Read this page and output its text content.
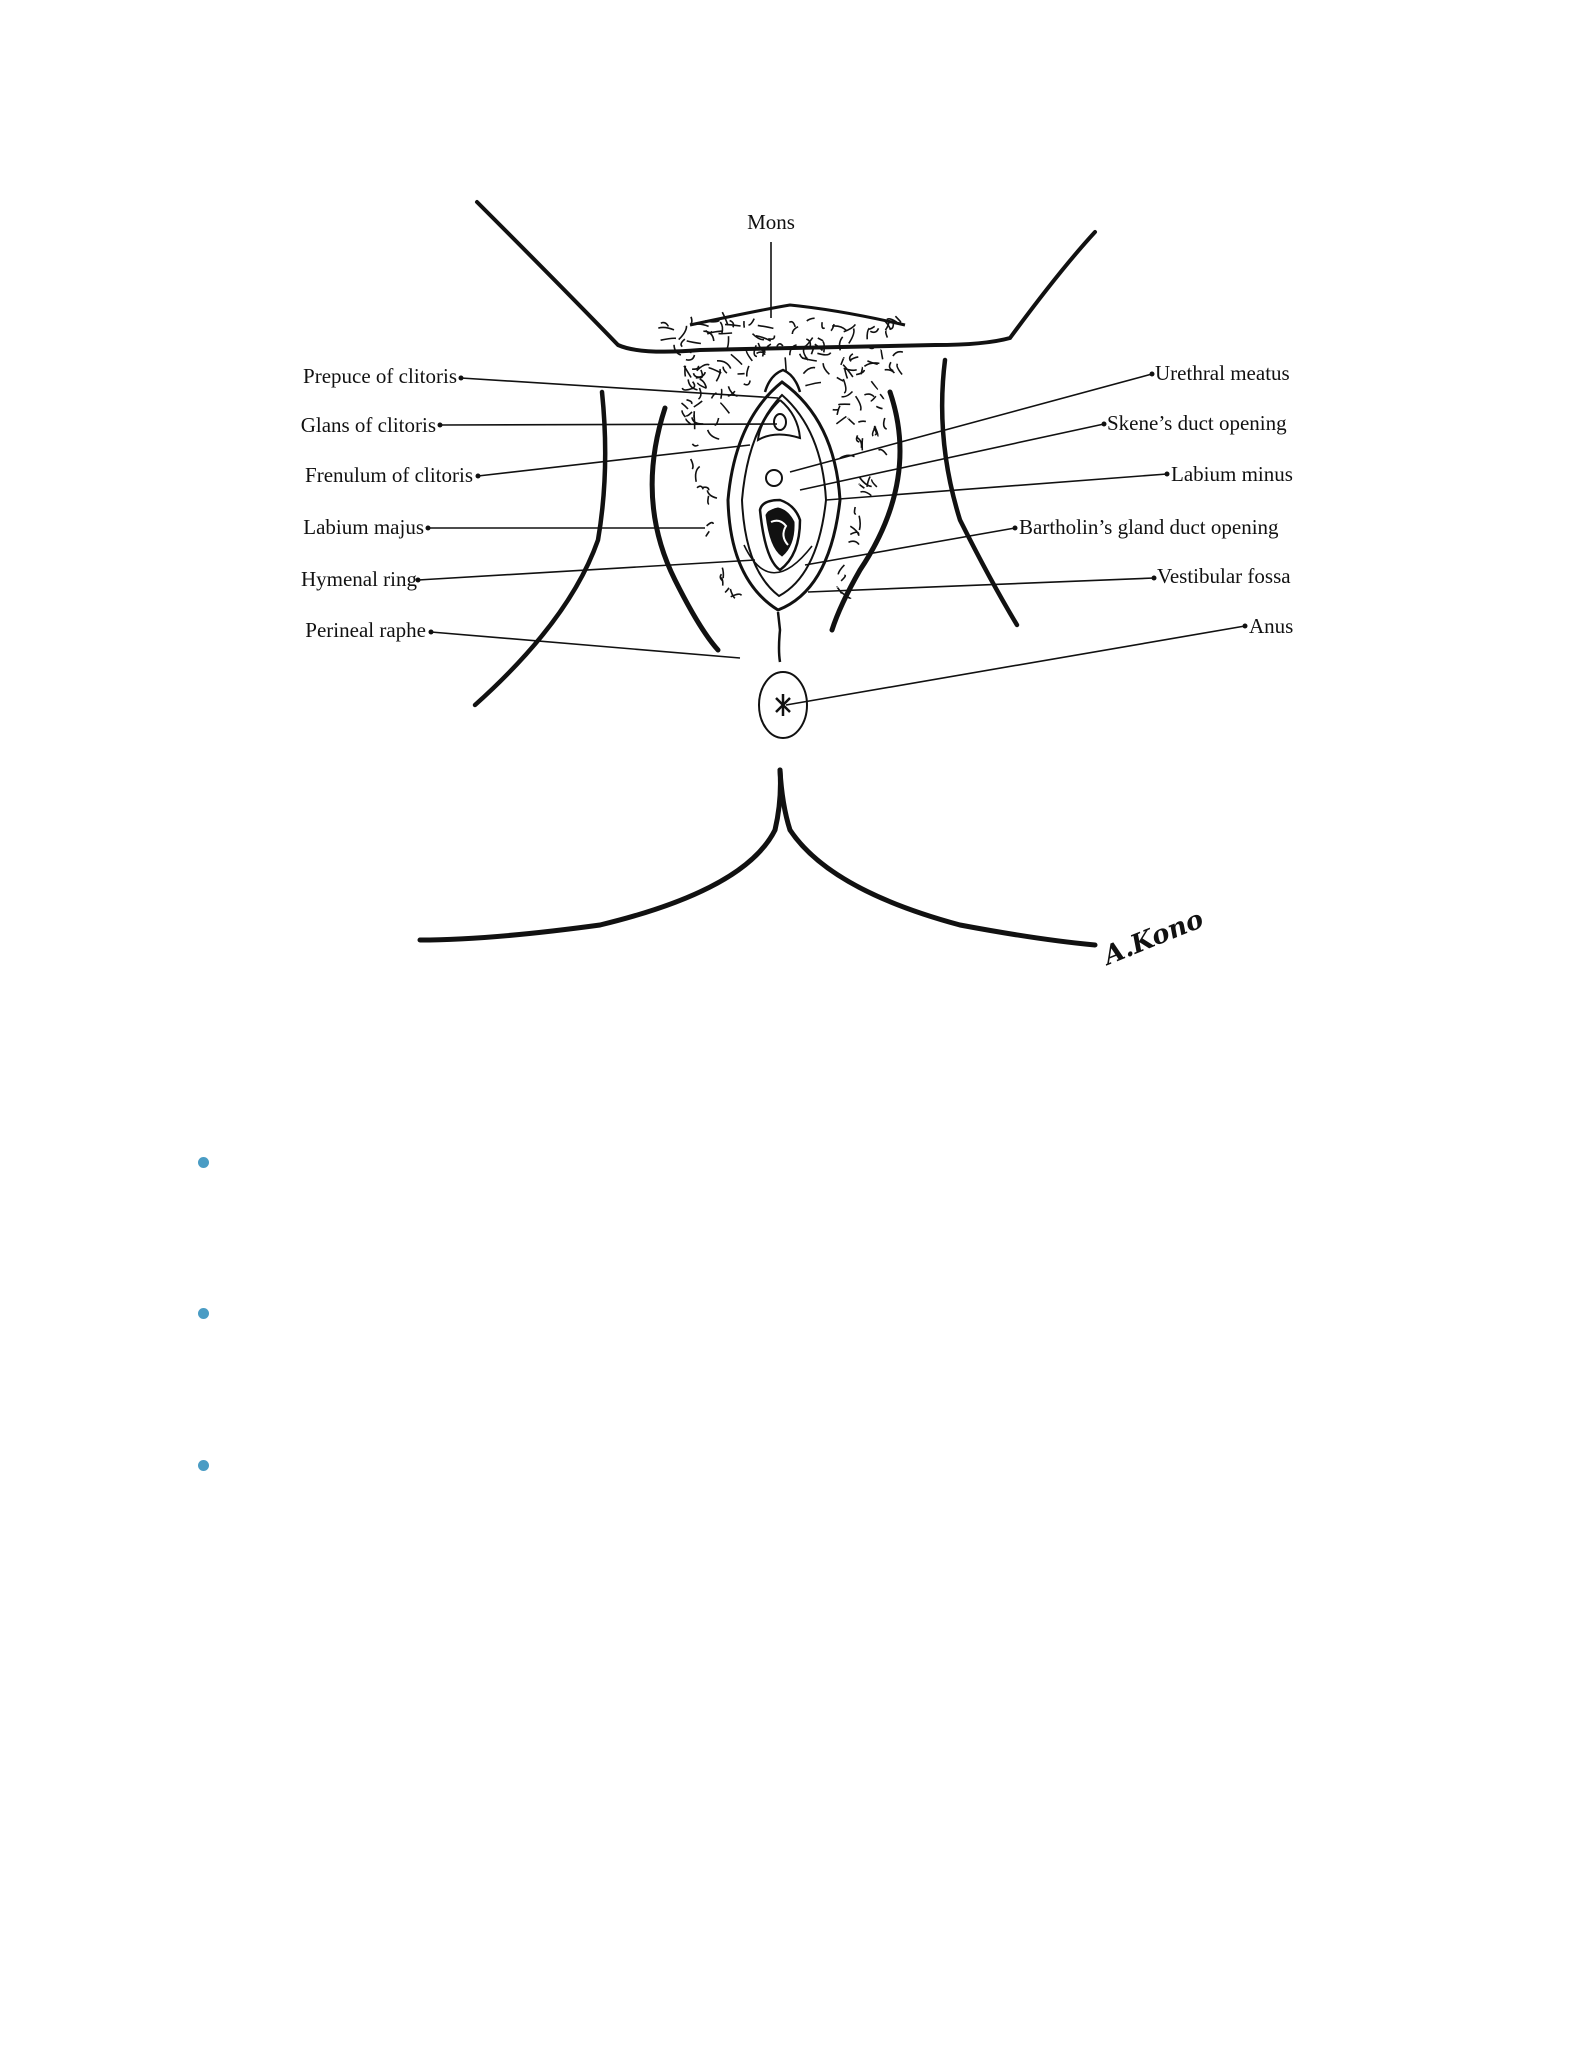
Mons
Prepuce of clitoris
Glans of clitoris
Frenulum of clitoris
Labium majus
Hymenal ring
Perineal raphe
Urethral meatus
Skene’s duct opening
Labium minus
Bartholin’s gland duct opening
Vestibular fossa
Anus
A.Kono
